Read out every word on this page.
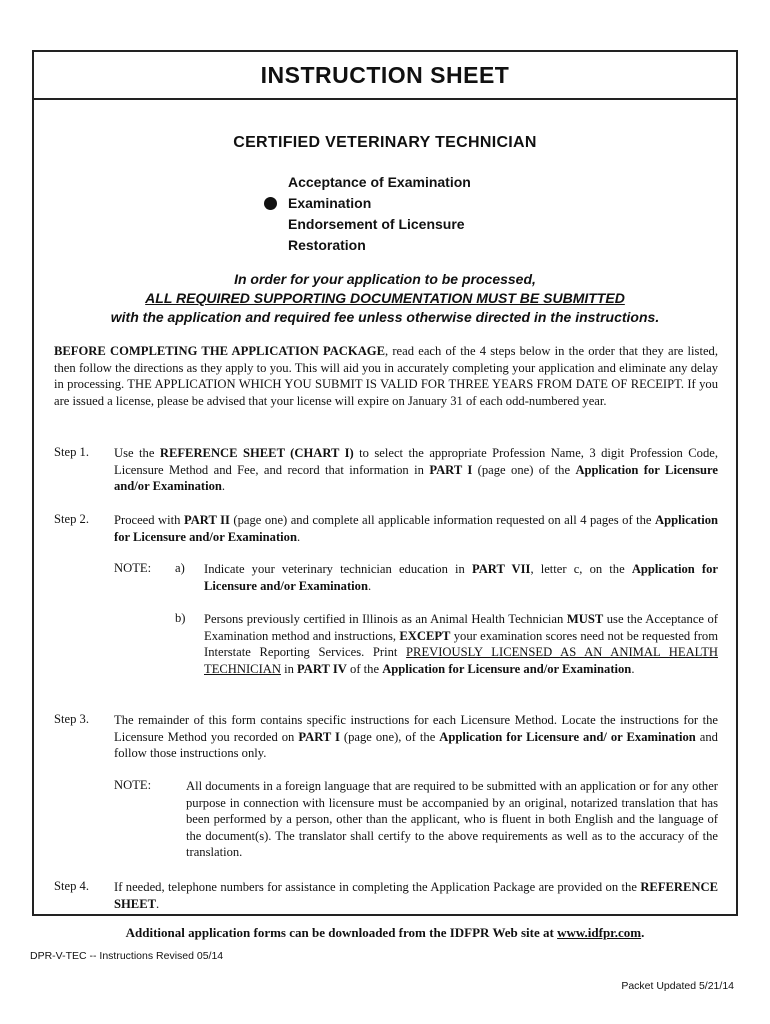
INSTRUCTION SHEET
CERTIFIED VETERINARY TECHNICIAN
Acceptance of Examination
Examination
Endorsement of Licensure
Restoration
In order for your application to be processed,
ALL REQUIRED SUPPORTING DOCUMENTATION MUST BE SUBMITTED
with the application and required fee unless otherwise directed in the instructions.
BEFORE COMPLETING THE APPLICATION PACKAGE, read each of the 4 steps below in the order that they are listed, then follow the directions as they apply to you. This will aid you in accurately completing your application and eliminate any delay in processing. THE APPLICATION WHICH YOU SUBMIT IS VALID FOR THREE YEARS FROM DATE OF RECEIPT. If you are issued a license, please be advised that your license will expire on January 31 of each odd-numbered year.
Step 1. Use the REFERENCE SHEET (CHART I) to select the appropriate Profession Name, 3 digit Profession Code, Licensure Method and Fee, and record that information in PART I (page one) of the Application for Licensure and/or Examination.
Step 2. Proceed with PART II (page one) and complete all applicable information requested on all 4 pages of the Application for Licensure and/or Examination.
NOTE: a) Indicate your veterinary technician education in PART VII, letter c, on the Application for Licensure and/or Examination.
b) Persons previously certified in Illinois as an Animal Health Technician MUST use the Acceptance of Examination method and instructions, EXCEPT your examination scores need not be requested from Interstate Reporting Services. Print PREVIOUSLY LICENSED AS AN ANIMAL HEALTH TECHNICIAN in PART IV of the Application for Licensure and/or Examination.
Step 3. The remainder of this form contains specific instructions for each Licensure Method. Locate the instructions for the Licensure Method you recorded on PART I (page one), of the Application for Licensure and/ or Examination and follow those instructions only.
NOTE:	All documents in a foreign language that are required to be submitted with an application or for any other purpose in connection with licensure must be accompanied by an original, notarized translation that has been performed by a person, other than the applicant, who is fluent in both English and the language of the document(s). The translator shall certify to the above requirements as well as to the accuracy of the translation.
Step 4. If needed, telephone numbers for assistance in completing the Application Package are provided on the REFERENCE SHEET.
Additional application forms can be downloaded from the IDFPR Web site at www.idfpr.com.
DPR-V-TEC -- Instructions Revised 05/14
Packet Updated 5/21/14
